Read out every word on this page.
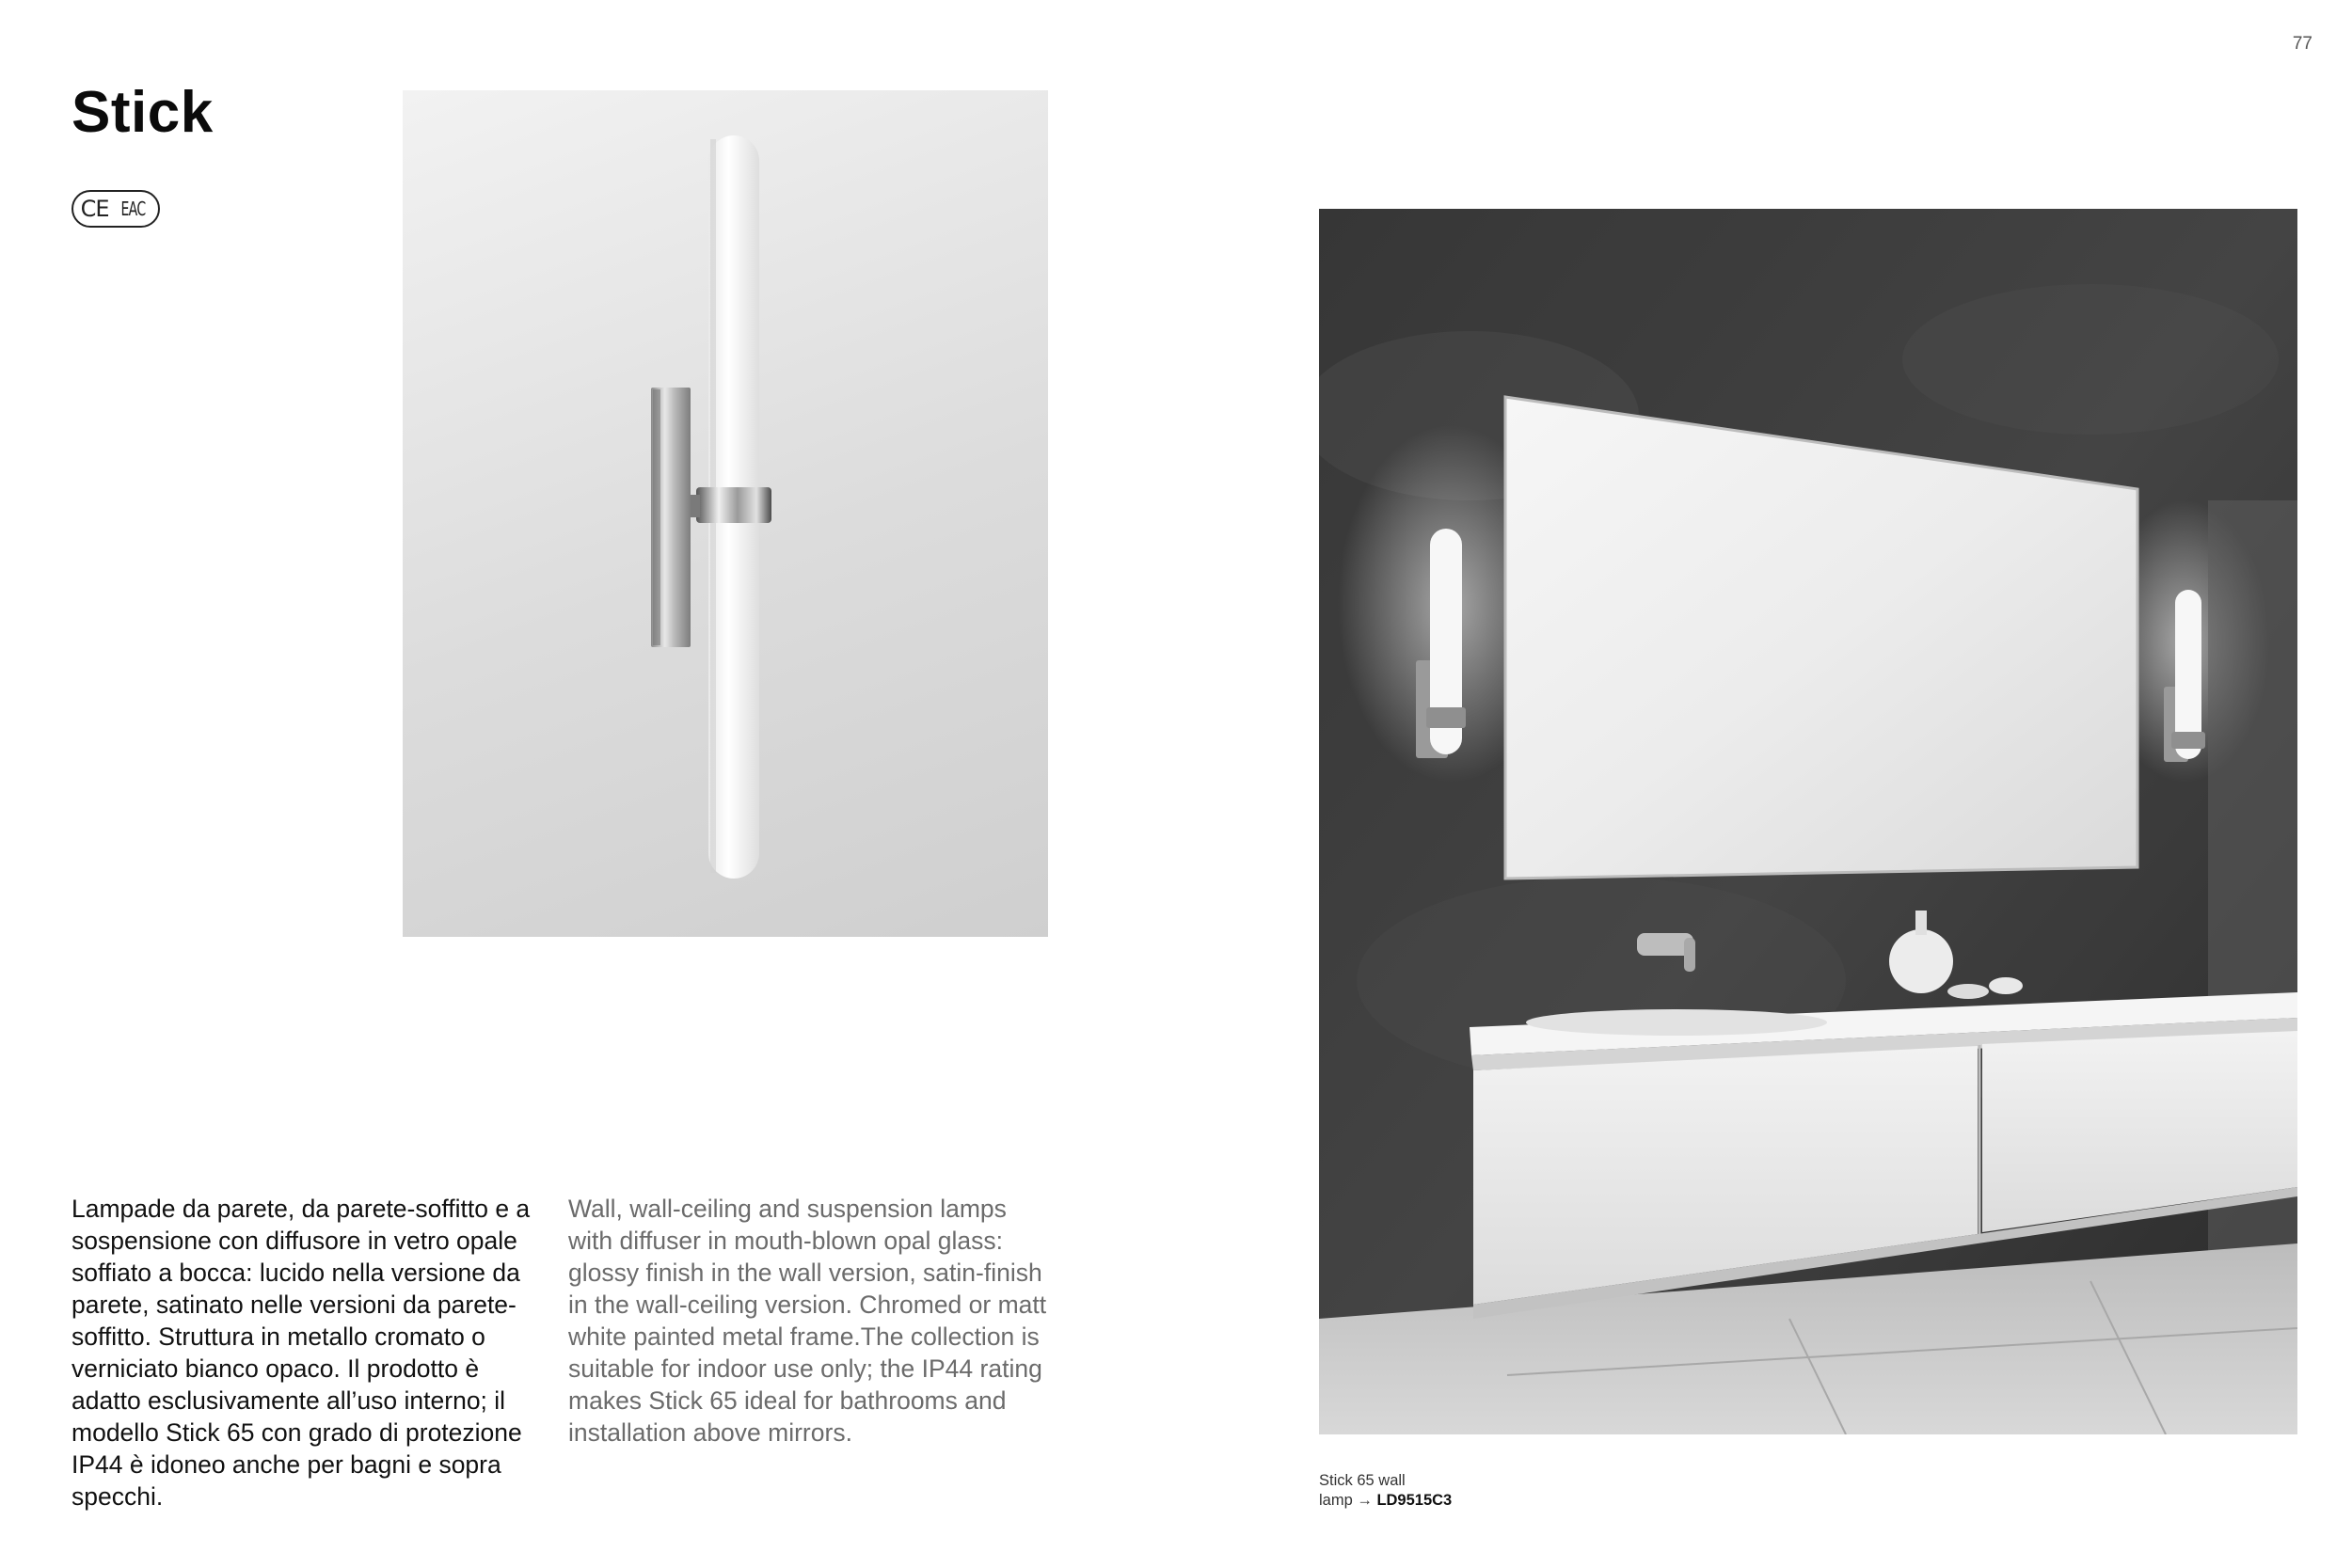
77
Stick
CE EAC

Lampade da parete, da parete-soffitto e a sospensione con diffusore in vetro opale soffiato a bocca: lucido nella versione da parete, satinato nelle versioni da parete-soffitto. Struttura in metallo cromato o verniciato bianco opaco. Il prodotto è adatto esclusivamente all’uso interno; il modello Stick 65 con grado di protezione IP44 è idoneo anche per bagni e sopra specchi.

Wall, wall-ceiling and suspension lamps with diffuser in mouth-blown opal glass: glossy finish in the wall version, satin-finish in the wall-ceiling version. Chromed or matt white painted metal frame.The collection is suitable for indoor use only; the IP44 rating makes Stick 65 ideal for bathrooms and installation above mirrors.

Stick 65 wall
lamp → LD9515C3
